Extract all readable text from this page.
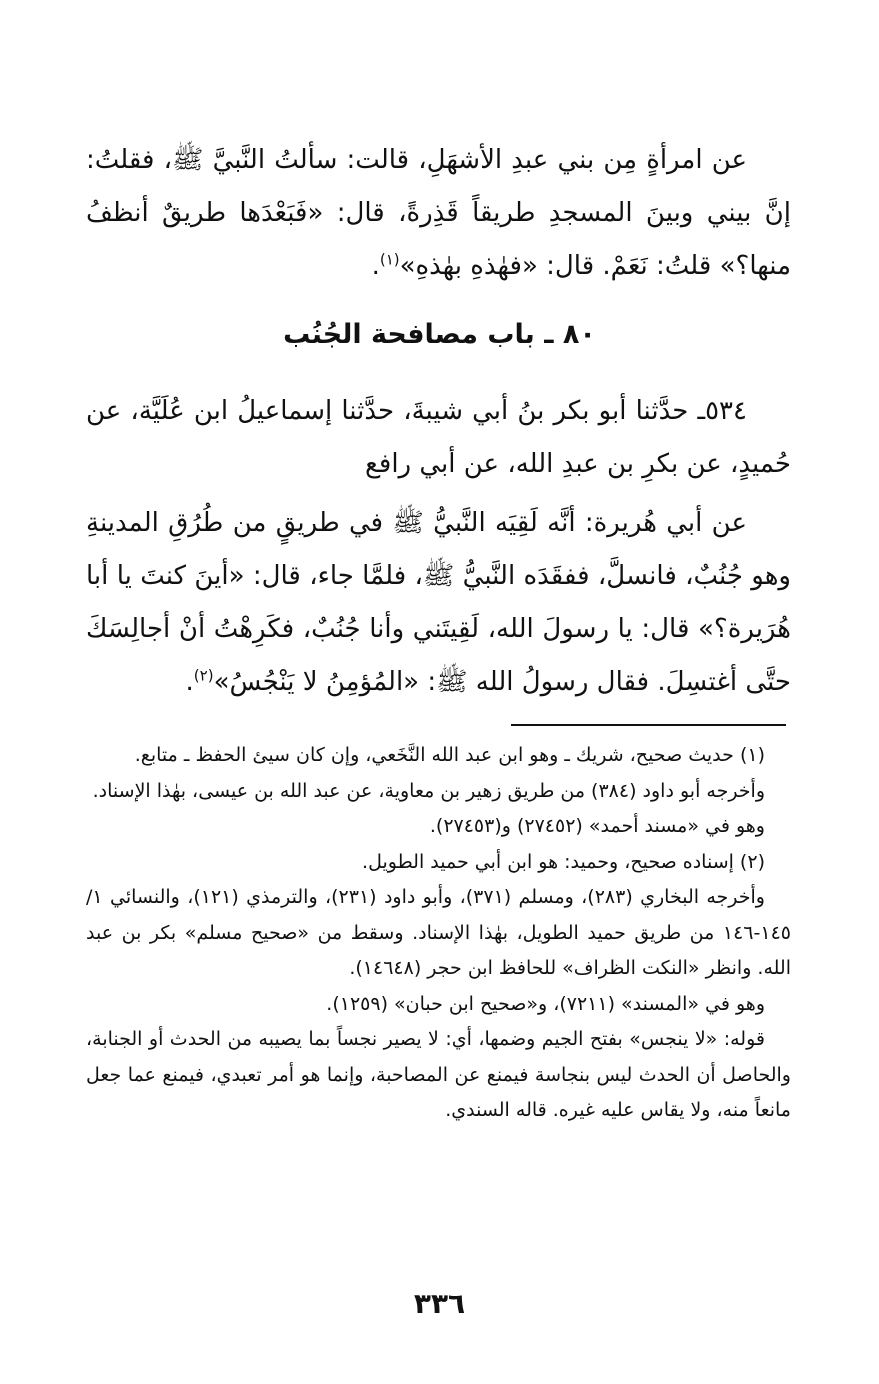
عن امرأةٍ مِن بني عبدِ الأشهَلِ، قالت: سألتُ النَّبيَّ ﷺ، فقلتُ: إنَّ بيني وبينَ المسجدِ طريقاً قَذِرةً، قال: «فَبَعْدَها طريقٌ أنظفُ منها؟» قلتُ: نَعَمْ. قال: «فهٰذهِ بهٰذهِ»$^{(١)}$.

٨٠ ـ باب مصافحة الجُنُب

٥٣٤ـ حدَّثنا أبو بكر بنُ أبي شيبةَ، حدَّثنا إسماعيلُ ابن عُلَيَّة، عن حُميدٍ، عن بكرِ بن عبدِ الله، عن أبي رافع

عن أبي هُريرة: أنَّه لَقِيَه النَّبيُّ ﷺ في طريقٍ من طُرُقِ المدينةِ وهو جُنُبٌ، فانسلَّ، ففقَدَه النَّبيُّ ﷺ، فلمَّا جاء، قال: «أينَ كنتَ يا أبا هُرَيرة؟» قال: يا رسولَ الله، لَقِيتَني وأنا جُنُبٌ، فكَرِهْتُ أنْ أجالِسَكَ حتَّى أغتسِلَ. فقال رسولُ الله ﷺ: «المُؤمِنُ لا يَنْجُسُ»$^{(٢)}$.

(١) حديث صحيح، شريك ـ وهو ابن عبد الله النَّخَعي، وإن كان سيئ الحفظ ـ متابع.

وأخرجه أبو داود (٣٨٤) من طريق زهير بن معاوية، عن عبد الله بن عيسى، بهٰذا الإسناد.

وهو في «مسند أحمد» (٢٧٤٥٢) و(٢٧٤٥٣).

(٢) إسناده صحيح، وحميد: هو ابن أبي حميد الطويل.

وأخرجه البخاري (٢٨٣)، ومسلم (٣٧١)، وأبو داود (٢٣١)، والترمذي (١٢١)، والنسائي ١/ ١٤٥-١٤٦ من طريق حميد الطويل، بهٰذا الإسناد. وسقط من «صحيح مسلم» بكر بن عبد الله. وانظر «النكت الظراف» للحافظ ابن حجر (١٤٦٤٨).

وهو في «المسند» (٧٢١١)، و«صحيح ابن حبان» (١٢٥٩).

قوله: «لا ينجس» بفتح الجيم وضمها، أي: لا يصير نجساً بما يصيبه من الحدث أو الجنابة، والحاصل أن الحدث ليس بنجاسة فيمنع عن المصاحبة، وإنما هو أمر تعبدي، فيمنع عما جعل مانعاً منه، ولا يقاس عليه غيره. قاله السندي.

٣٣٦
